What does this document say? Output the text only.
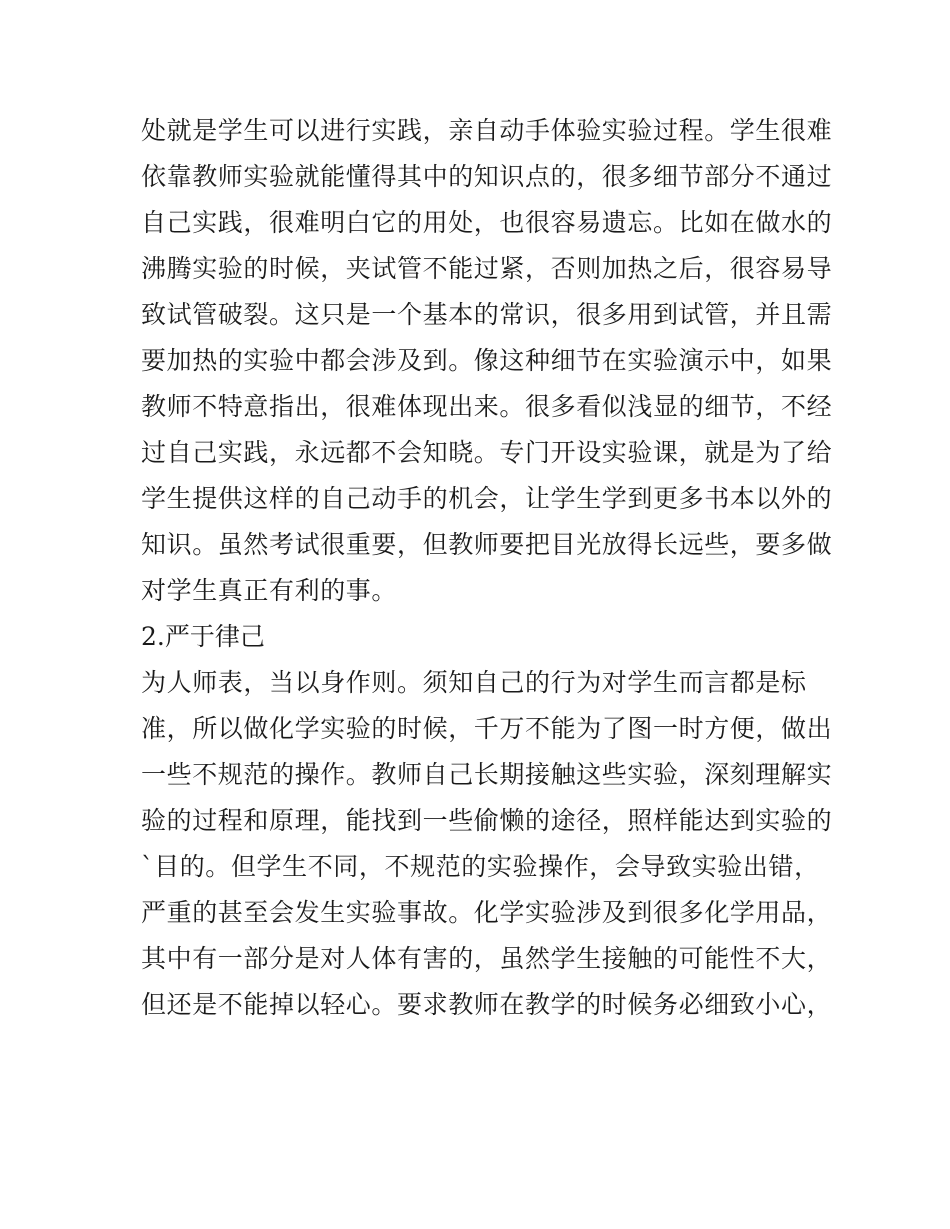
处就是学生可以进行实践，亲自动手体验实验过程。学生很难
依靠教师实验就能懂得其中的知识点的，很多细节部分不通过
自己实践，很难明白它的用处，也很容易遗忘。比如在做水的
沸腾实验的时候，夹试管不能过紧，否则加热之后，很容易导
致试管破裂。这只是一个基本的常识，很多用到试管，并且需
要加热的实验中都会涉及到。像这种细节在实验演示中，如果
教师不特意指出，很难体现出来。很多看似浅显的细节，不经
过自己实践，永远都不会知晓。专门开设实验课，就是为了给
学生提供这样的自己动手的机会，让学生学到更多书本以外的
知识。虽然考试很重要，但教师要把目光放得长远些，要多做
对学生真正有利的事。
2.严于律己
为人师表，当以身作则。须知自己的行为对学生而言都是标
准，所以做化学实验的时候，千万不能为了图一时方便，做出
一些不规范的操作。教师自己长期接触这些实验，深刻理解实
验的过程和原理，能找到一些偷懒的途径，照样能达到实验的
`目的。但学生不同，不规范的实验操作，会导致实验出错，
严重的甚至会发生实验事故。化学实验涉及到很多化学用品，
其中有一部分是对人体有害的，虽然学生接触的可能性不大，
但还是不能掉以轻心。要求教师在教学的时候务必细致小心，
